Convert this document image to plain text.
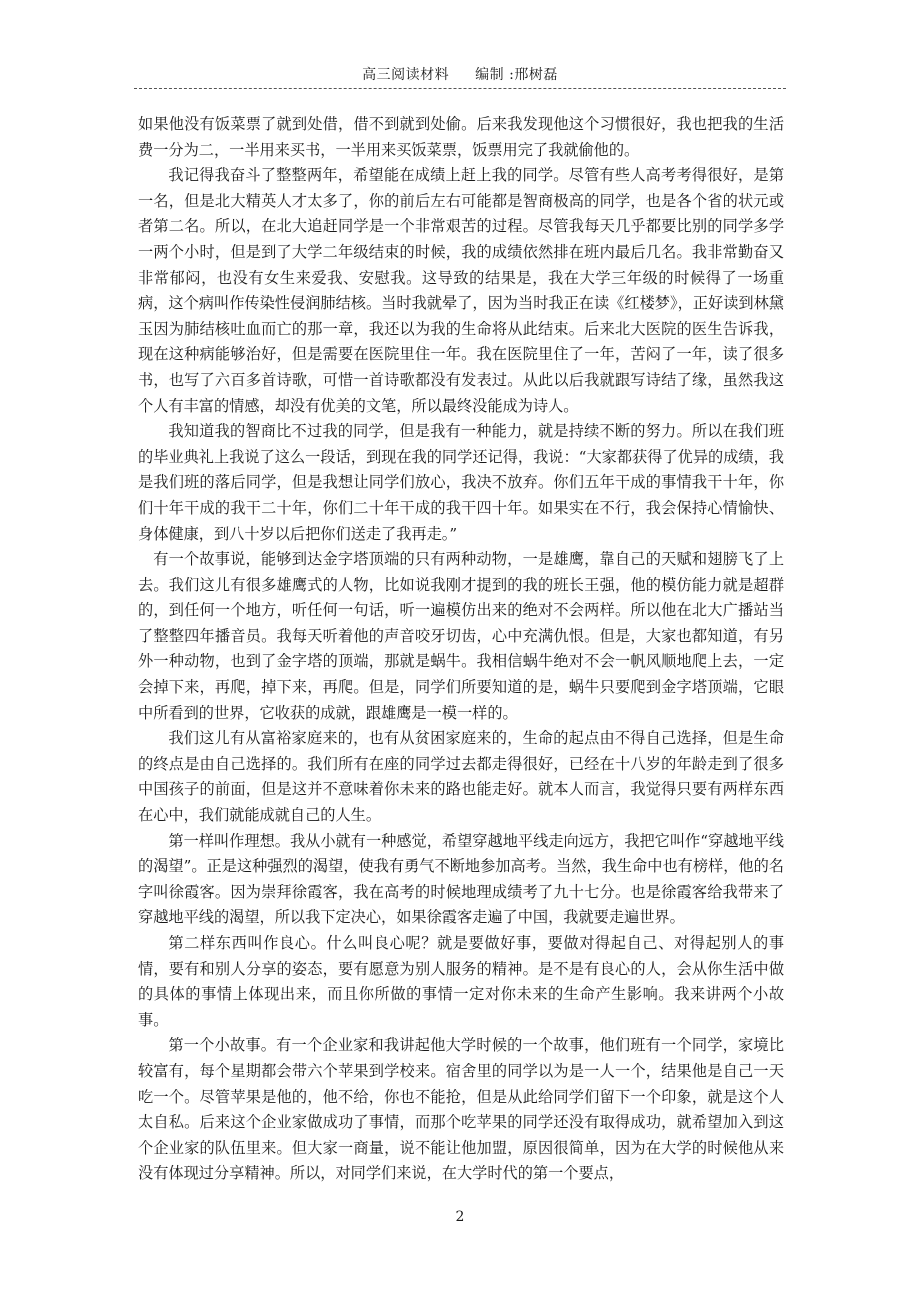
高三阅读材料 编制 :邢树磊

如果他没有饭菜票了就到处借，借不到就到处偷。后来我发现他这个习惯很好，我也把我的生活费一分为二，一半用来买书，一半用来买饭菜票，饭票用完了我就偷他的。

我记得我奋斗了整整两年，希望能在成绩上赶上我的同学。尽管有些人高考考得很好，是第一名，但是北大精英人才太多了，你的前后左右可能都是智商极高的同学，也是各个省的状元或者第二名。所以，在北大追赶同学是一个非常艰苦的过程。尽管我每天几乎都要比别的同学多学一两个小时，但是到了大学二年级结束的时候，我的成绩依然排在班内最后几名。我非常勤奋又非常郁闷，也没有女生来爱我、安慰我。这导致的结果是，我在大学三年级的时候得了一场重病，这个病叫作传染性侵润肺结核。当时我就晕了，因为当时我正在读《红楼梦》，正好读到林黛玉因为肺结核吐血而亡的那一章，我还以为我的生命将从此结束。后来北大医院的医生告诉我，现在这种病能够治好，但是需要在医院里住一年。我在医院里住了一年，苦闷了一年，读了很多书，也写了六百多首诗歌，可惜一首诗歌都没有发表过。从此以后我就跟写诗结了缘，虽然我这个人有丰富的情感，却没有优美的文笔，所以最终没能成为诗人。

我知道我的智商比不过我的同学，但是我有一种能力，就是持续不断的努力。所以在我们班的毕业典礼上我说了这么一段话，到现在我的同学还记得，我说：“大家都获得了优异的成绩，我是我们班的落后同学，但是我想让同学们放心，我决不放弃。你们五年干成的事情我干十年，你们十年干成的我干二十年，你们二十年干成的我干四十年。如果实在不行，我会保持心情愉快、身体健康，到八十岁以后把你们送走了我再走。”

有一个故事说，能够到达金字塔顶端的只有两种动物，一是雄鹰，靠自己的天赋和翅膀飞了上去。我们这儿有很多雄鹰式的人物，比如说我刚才提到的我的班长王强，他的模仿能力就是超群的，到任何一个地方，听任何一句话，听一遍模仿出来的绝对不会两样。所以他在北大广播站当了整整四年播音员。我每天听着他的声音咬牙切齿，心中充满仇恨。但是，大家也都知道，有另外一种动物，也到了金字塔的顶端，那就是蜗牛。我相信蜗牛绝对不会一帆风顺地爬上去，一定会掉下来，再爬，掉下来，再爬。但是，同学们所要知道的是，蜗牛只要爬到金字塔顶端，它眼中所看到的世界，它收获的成就，跟雄鹰是一模一样的。

我们这儿有从富裕家庭来的，也有从贫困家庭来的，生命的起点由不得自己选择，但是生命的终点是由自己选择的。我们所有在座的同学过去都走得很好，已经在十八岁的年龄走到了很多中国孩子的前面，但是这并不意味着你未来的路也能走好。就本人而言，我觉得只要有两样东西在心中，我们就能成就自己的人生。

第一样叫作理想。我从小就有一种感觉，希望穿越地平线走向远方，我把它叫作“穿越地平线的渴望”。正是这种强烈的渴望，使我有勇气不断地参加高考。当然，我生命中也有榜样，他的名字叫徐霞客。因为崇拜徐霞客，我在高考的时候地理成绩考了九十七分。也是徐霞客给我带来了穿越地平线的渴望，所以我下定决心，如果徐霞客走遍了中国，我就要走遍世界。

第二样东西叫作良心。什么叫良心呢？就是要做好事，要做对得起自己、对得起别人的事情，要有和别人分享的姿态，要有愿意为别人服务的精神。是不是有良心的人，会从你生活中做的具体的事情上体现出来，而且你所做的事情一定对你未来的生命产生影响。我来讲两个小故事。

第一个小故事。有一个企业家和我讲起他大学时候的一个故事，他们班有一个同学，家境比较富有，每个星期都会带六个苹果到学校来。宿舍里的同学以为是一人一个，结果他是自己一天吃一个。尽管苹果是他的，他不给，你也不能抢，但是从此给同学们留下一个印象，就是这个人太自私。后来这个企业家做成功了事情，而那个吃苹果的同学还没有取得成功，就希望加入到这个企业家的队伍里来。但大家一商量，说不能让他加盟，原因很简单，因为在大学的时候他从来没有体现过分享精神。所以，对同学们来说，在大学时代的第一个要点，

2
